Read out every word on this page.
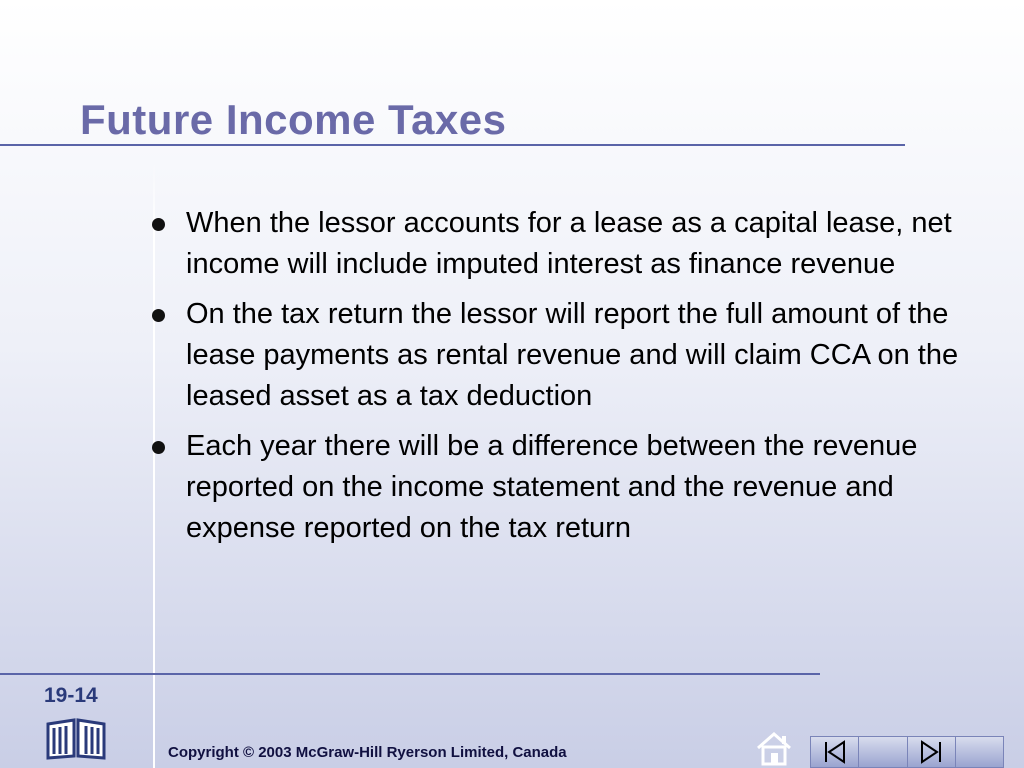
Future Income Taxes
When the lessor accounts for a lease as a capital lease, net income will include imputed interest as finance revenue
On the tax return the lessor will report the full amount of the lease payments as rental revenue and will claim CCA on the leased asset as a tax deduction
Each year there will be a difference between the revenue reported on the income statement and the revenue and expense reported on the tax return
19-14
Copyright © 2003 McGraw-Hill Ryerson Limited, Canada
